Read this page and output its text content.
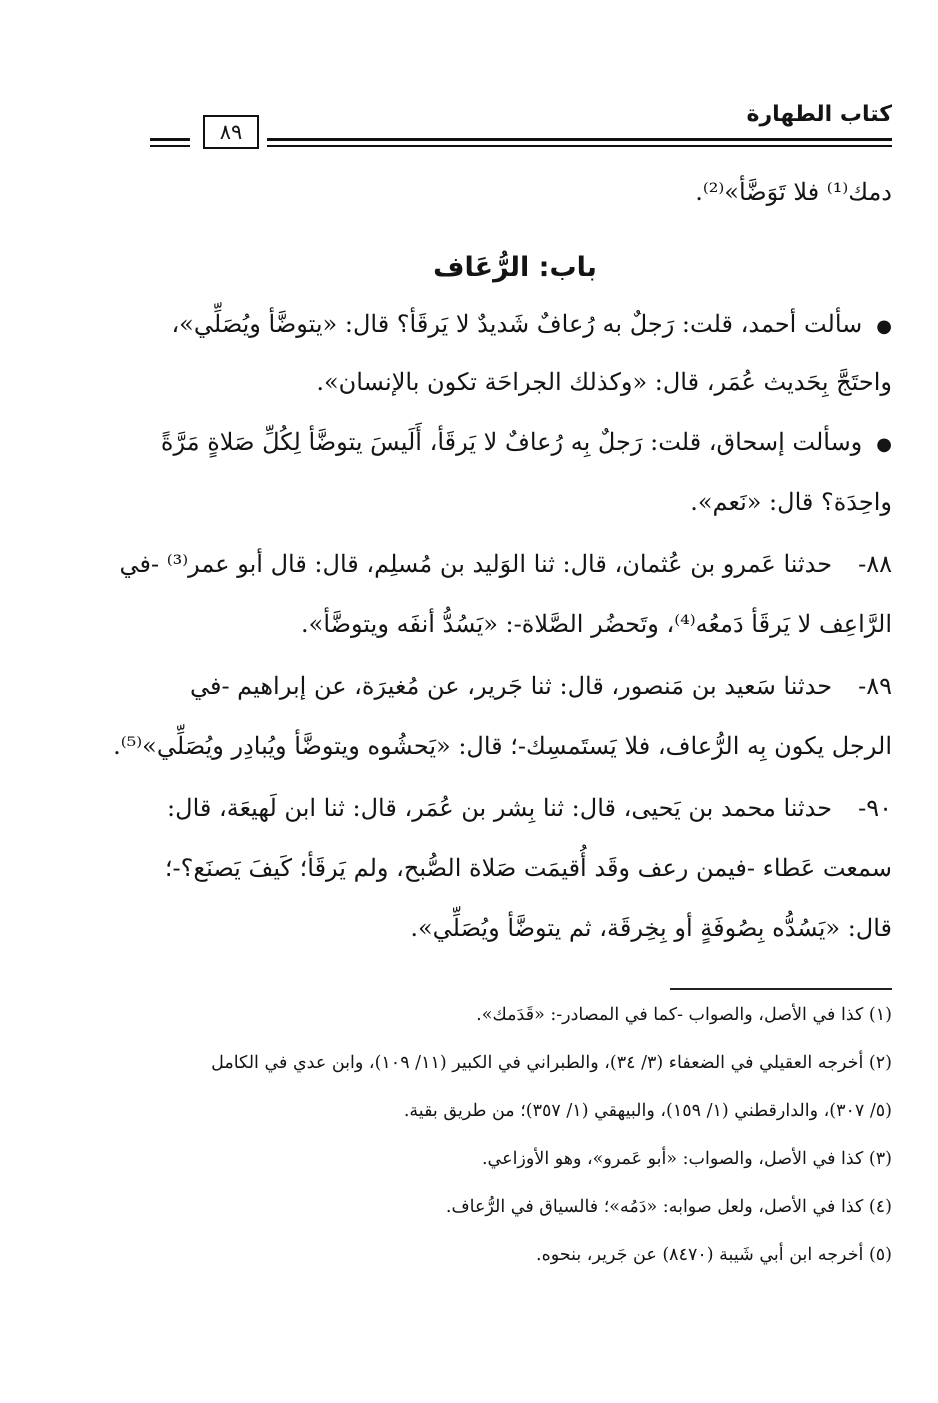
كتاب الطهارة
٨٩
دمك⁽¹⁾ فلا تَوَضَّأ»⁽²⁾.
باب: الرُّعَاف
●سألت أحمد، قلت: رَجلٌ به رُعافٌ شَديدٌ لا يَرقَأ؟ قال: «يتوضَّأ ويُصَلِّي»،
واحتَجَّ بِحَديث عُمَر، قال: «وكذلك الجراحَة تكون بالإنسان».
●وسألت إسحاق، قلت: رَجلٌ بِه رُعافٌ لا يَرقَأ، أَلَيسَ يتوضَّأ لِكُلِّ صَلاةٍ مَرَّةً
واحِدَة؟ قال: «نَعم».
٨٨-حدثنا عَمرو بن عُثمان، قال: ثنا الوَليد بن مُسلِم، قال: قال أبو عمر⁽³⁾ -في
الرَّاعِف لا يَرقَأ دَمعُه⁽⁴⁾، وتَحضُر الصَّلاة-: «يَسُدُّ أنفَه ويتوضَّأ».
٨٩-حدثنا سَعيد بن مَنصور، قال: ثنا جَرير، عن مُغيرَة، عن إبراهيم -في
الرجل يكون بِه الرُّعاف، فلا يَستَمسِك-؛ قال: «يَحشُوه ويتوضَّأ ويُبادِر ويُصَلِّي»⁽⁵⁾.
٩٠-حدثنا محمد بن يَحيى، قال: ثنا بِشر بن عُمَر، قال: ثنا ابن لَهيعَة، قال:
سمعت عَطاء -فيمن رعف وقَد أُقيمَت صَلاة الصُّبح، ولم يَرقَأ؛ كَيفَ يَصنَع؟-؛
قال: «يَسُدُّه بِصُوفَةٍ أو بِخِرقَة، ثم يتوضَّأ ويُصَلِّي».
(١) كذا في الأصل، والصواب -كما في المصادر-: «قَدَمك».
(٢) أخرجه العقيلي في الضعفاء (٣/ ٣٤)، والطبراني في الكبير (١١/ ١٠٩)، وابن عدي في الكامل
(٥/ ٣٠٧)، والدارقطني (١/ ١٥٩)، والبيهقي (١/ ٣٥٧)؛ من طريق بقية.
(٣) كذا في الأصل، والصواب: «أبو عَمرو»، وهو الأوزاعي.
(٤) كذا في الأصل، ولعل صوابه: «دَمُه»؛ فالسياق في الرُّعاف.
(٥) أخرجه ابن أبي شَيبة (٨٤٧٠) عن جَرير، بنحوه.
